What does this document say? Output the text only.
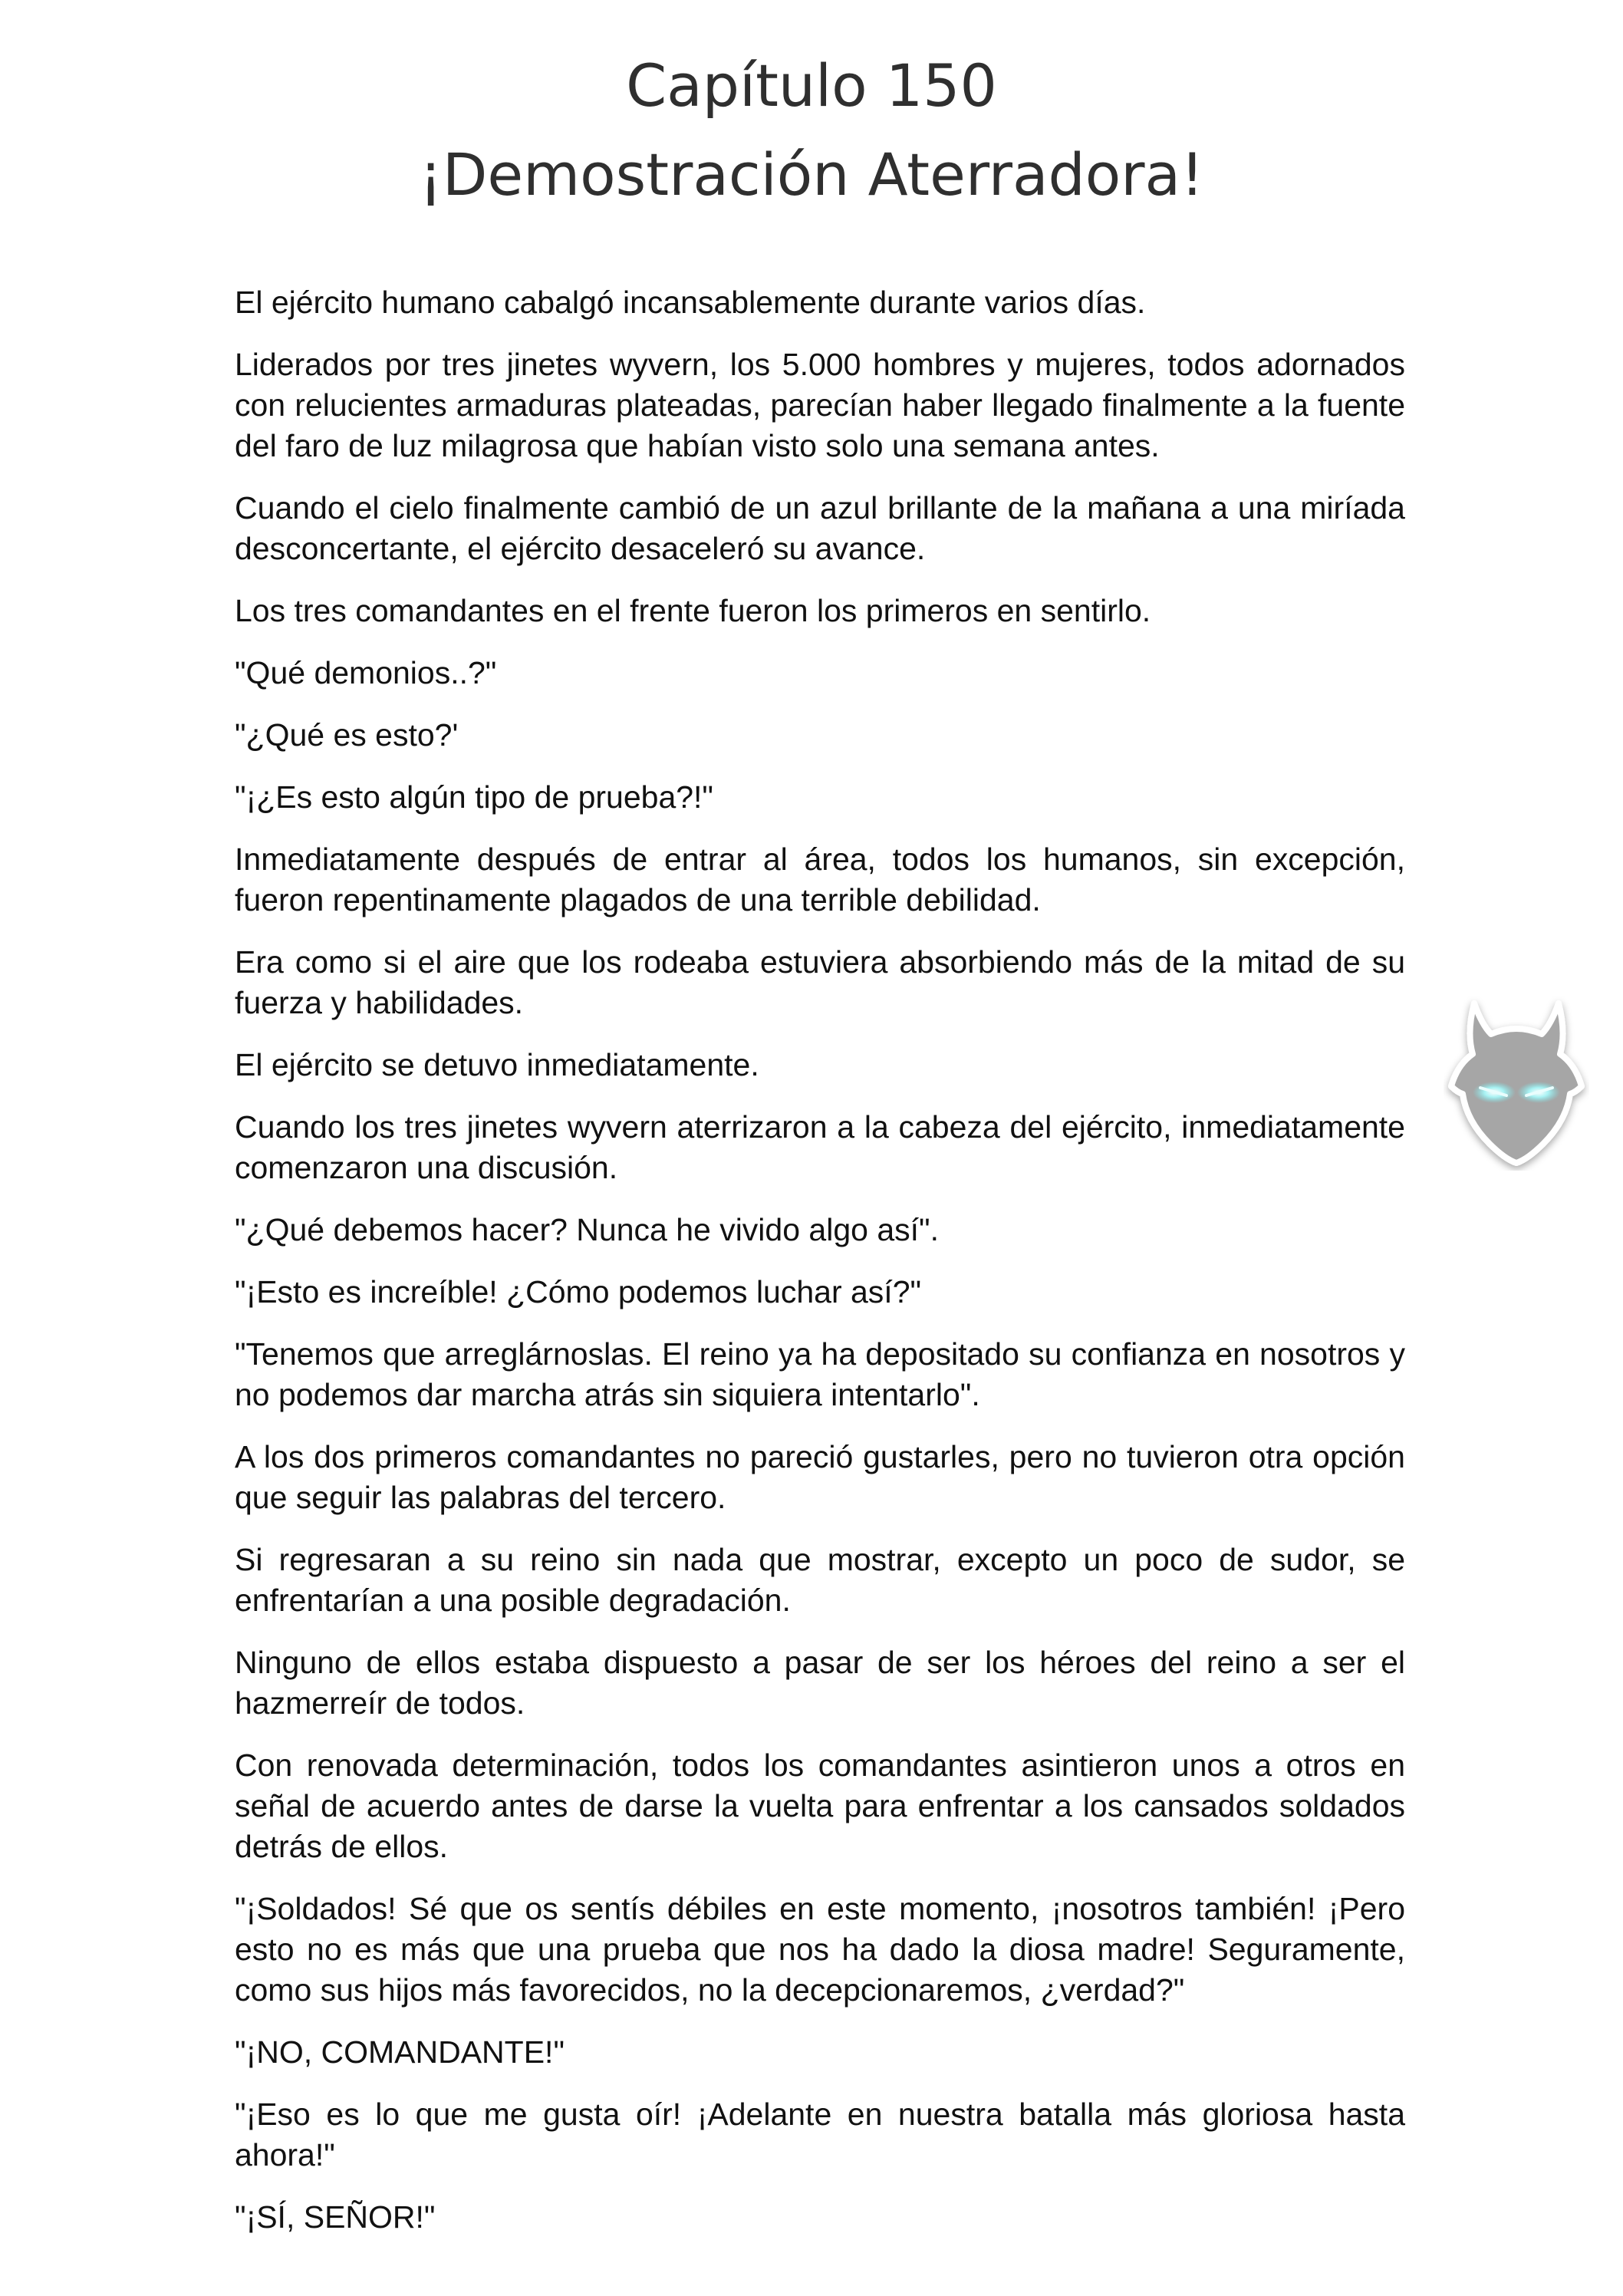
Capítulo 150
¡Demostración Aterradora!

El ejército humano cabalgó incansablemente durante varios días.

Liderados por tres jinetes wyvern, los 5.000 hombres y mujeres, todos adornados con relucientes armaduras plateadas, parecían haber llegado finalmente a la fuente del faro de luz milagrosa que habían visto solo una semana antes.

Cuando el cielo finalmente cambió de un azul brillante de la mañana a una miríada desconcertante, el ejército desaceleró su avance.

Los tres comandantes en el frente fueron los primeros en sentirlo.

"Qué demonios..?"

"¿Qué es esto?'

"¡¿Es esto algún tipo de prueba?!"

Inmediatamente después de entrar al área, todos los humanos, sin excepción, fueron repentinamente plagados de una terrible debilidad.

Era como si el aire que los rodeaba estuviera absorbiendo más de la mitad de su fuerza y habilidades.

El ejército se detuvo inmediatamente.

Cuando los tres jinetes wyvern aterrizaron a la cabeza del ejército, inmediatamente comenzaron una discusión.

"¿Qué debemos hacer? Nunca he vivido algo así".

"¡Esto es increíble! ¿Cómo podemos luchar así?"

"Tenemos que arreglárnoslas. El reino ya ha depositado su confianza en nosotros y no podemos dar marcha atrás sin siquiera intentarlo".

A los dos primeros comandantes no pareció gustarles, pero no tuvieron otra opción que seguir las palabras del tercero.

Si regresaran a su reino sin nada que mostrar, excepto un poco de sudor, se enfrentarían a una posible degradación.

Ninguno de ellos estaba dispuesto a pasar de ser los héroes del reino a ser el hazmerreír de todos.

Con renovada determinación, todos los comandantes asintieron unos a otros en señal de acuerdo antes de darse la vuelta para enfrentar a los cansados soldados detrás de ellos.

"¡Soldados! Sé que os sentís débiles en este momento, ¡nosotros también! ¡Pero esto no es más que una prueba que nos ha dado la diosa madre! Seguramente, como sus hijos más favorecidos, no la decepcionaremos, ¿verdad?"

"¡NO, COMANDANTE!"

"¡Eso es lo que me gusta oír! ¡Adelante en nuestra batalla más gloriosa hasta ahora!"

"¡SÍ, SEÑOR!"
